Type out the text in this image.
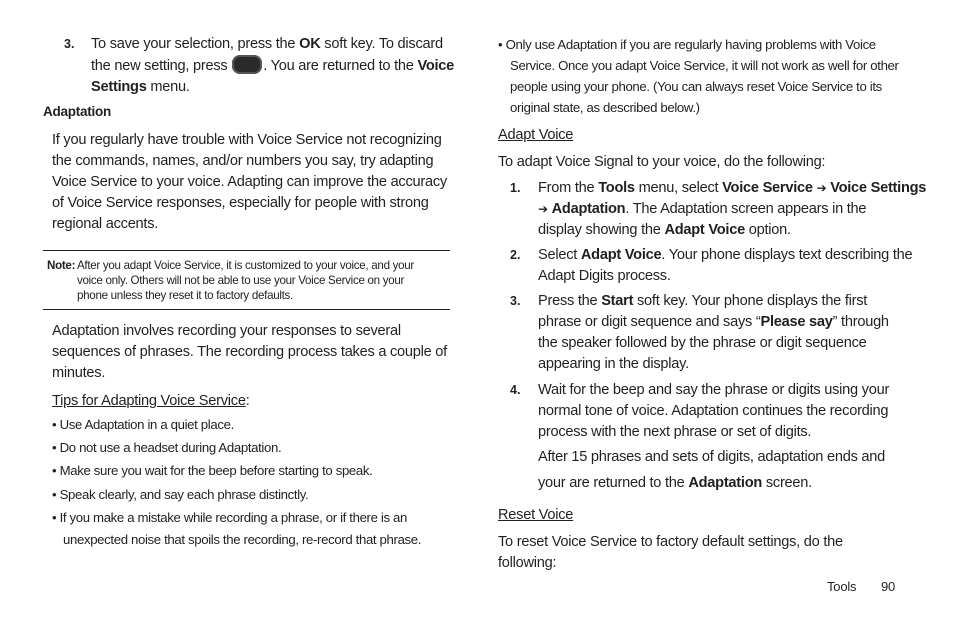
3. To save your selection, press the OK soft key. To discard
the new setting, press . You are returned to the Voice
Settings menu.

Adaptation

If you regularly have trouble with Voice Service not recognizing
the commands, names, and/or numbers you say, try adapting
Voice Service to your voice. Adapting can improve the accuracy
of Voice Service responses, especially for people with strong
regional accents.
Note: After you adapt Voice Service, it is customized to your voice, and your
voice only. Others will not be able to use your Voice Service on your
phone unless they reset it to factory defaults.
Adaptation involves recording your responses to several
sequences of phrases. The recording process takes a couple of
minutes.

Tips for Adapting Voice Service:

• Use Adaptation in a quiet place.

• Do not use a headset during Adaptation.

• Make sure you wait for the beep before starting to speak.

• Speak clearly, and say each phrase distinctly.

• If you make a mistake while recording a phrase, or if there is an

unexpected noise that spoils the recording, re-record that phrase.

• Only use Adaptation if you are regularly having problems with Voice

Service. Once you adapt Voice Service, it will not work as well for other

people using your phone. (You can always reset Voice Service to its

original state, as described below.)

Adapt Voice

To adapt Voice Signal to your voice, do the following:

1. From the Tools menu, select Voice Service ➔ Voice Settings
➔ Adaptation. The Adaptation screen appears in the
display showing the Adapt Voice option.
2. Select Adapt Voice. Your phone displays text describing the
Adapt Digits process.
3. Press the Start soft key. Your phone displays the first
phrase or digit sequence and says “Please say” through
the speaker followed by the phrase or digit sequence
appearing in the display.
4. Wait for the beep and say the phrase or digits using your
normal tone of voice. Adaptation continues the recording
process with the next phrase or set of digits.

After 15 phrases and sets of digits, adaptation ends and

your are returned to the Adaptation screen.

Reset Voice

To reset Voice Service to factory default settings, do the
following:
Tools 90
